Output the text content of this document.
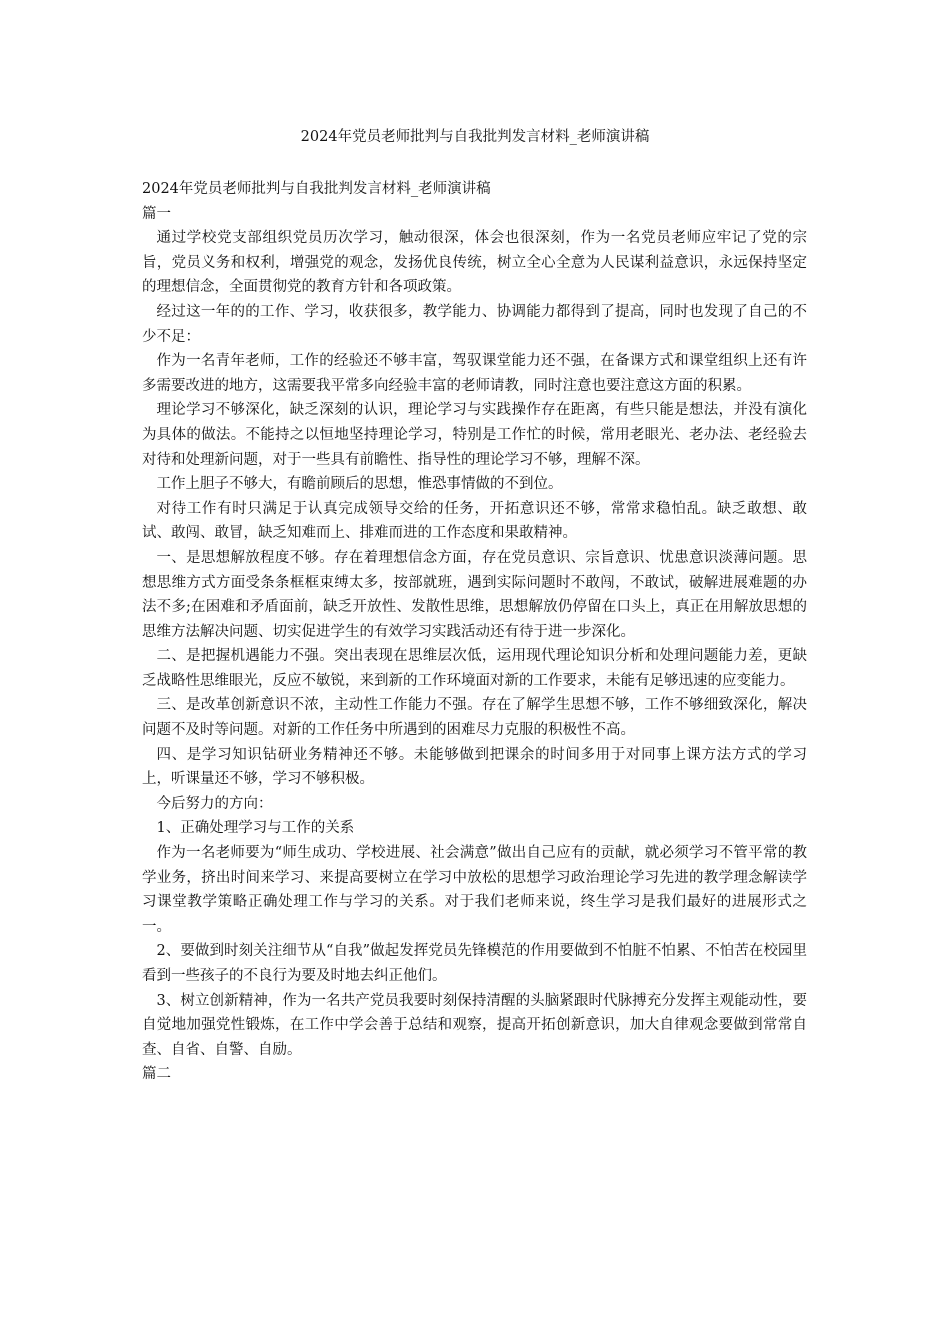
2024年党员老师批判与自我批判发言材料_老师演讲稿

2024年党员老师批判与自我批判发言材料_老师演讲稿

篇一

通过学校党支部组织党员历次学习，触动很深，体会也很深刻，作为一名党员老师应牢记了党的宗旨，党员义务和权利，增强党的观念，发扬优良传统，树立全心全意为人民谋利益意识，永远保持坚定的理想信念，全面贯彻党的教育方针和各项政策。

经过这一年的的工作、学习，收获很多，教学能力、协调能力都得到了提高，同时也发现了自己的不少不足：

作为一名青年老师，工作的经验还不够丰富，驾驭课堂能力还不强，在备课方式和课堂组织上还有许多需要改进的地方，这需要我平常多向经验丰富的老师请教，同时注意也要注意这方面的积累。

理论学习不够深化，缺乏深刻的认识，理论学习与实践操作存在距离，有些只能是想法，并没有演化为具体的做法。不能持之以恒地坚持理论学习，特别是工作忙的时候，常用老眼光、老办法、老经验去对待和处理新问题，对于一些具有前瞻性、指导性的理论学习不够，理解不深。

工作上胆子不够大，有瞻前顾后的思想，惟恐事情做的不到位。

对待工作有时只满足于认真完成领导交给的任务，开拓意识还不够，常常求稳怕乱。缺乏敢想、敢试、敢闯、敢冒，缺乏知难而上、排难而进的工作态度和果敢精神。

一、是思想解放程度不够。存在着理想信念方面，存在党员意识、宗旨意识、忧患意识淡薄问题。思想思维方式方面受条条框框束缚太多，按部就班，遇到实际问题时不敢闯，不敢试，破解进展难题的办法不多;在困难和矛盾面前，缺乏开放性、发散性思维，思想解放仍停留在口头上，真正在用解放思想的思维方法解决问题、切实促进学生的有效学习实践活动还有待于进一步深化。

二、是把握机遇能力不强。突出表现在思维层次低，运用现代理论知识分析和处理问题能力差，更缺乏战略性思维眼光，反应不敏锐，来到新的工作环境面对新的工作要求，未能有足够迅速的应变能力。

三、是改革创新意识不浓，主动性工作能力不强。存在了解学生思想不够，工作不够细致深化，解决问题不及时等问题。对新的工作任务中所遇到的困难尽力克服的积极性不高。

四、是学习知识钻研业务精神还不够。未能够做到把课余的时间多用于对同事上课方法方式的学习上，听课量还不够，学习不够积极。

今后努力的方向：

1、正确处理学习与工作的关系

作为一名老师要为“师生成功、学校进展、社会满意”做出自己应有的贡献，就必须学习不管平常的教学业务，挤出时间来学习、来提高要树立在学习中放松的思想学习政治理论学习先进的教学理念解读学习课堂教学策略正确处理工作与学习的关系。对于我们老师来说，终生学习是我们最好的进展形式之一。

2、要做到时刻关注细节从“自我”做起发挥党员先锋模范的作用要做到不怕脏不怕累、不怕苦在校园里看到一些孩子的不良行为要及时地去纠正他们。

3、树立创新精神，作为一名共产党员我要时刻保持清醒的头脑紧跟时代脉搏充分发挥主观能动性，要自觉地加强党性锻炼，在工作中学会善于总结和观察，提高开拓创新意识，加大自律观念要做到常常自查、自省、自警、自励。

篇二
